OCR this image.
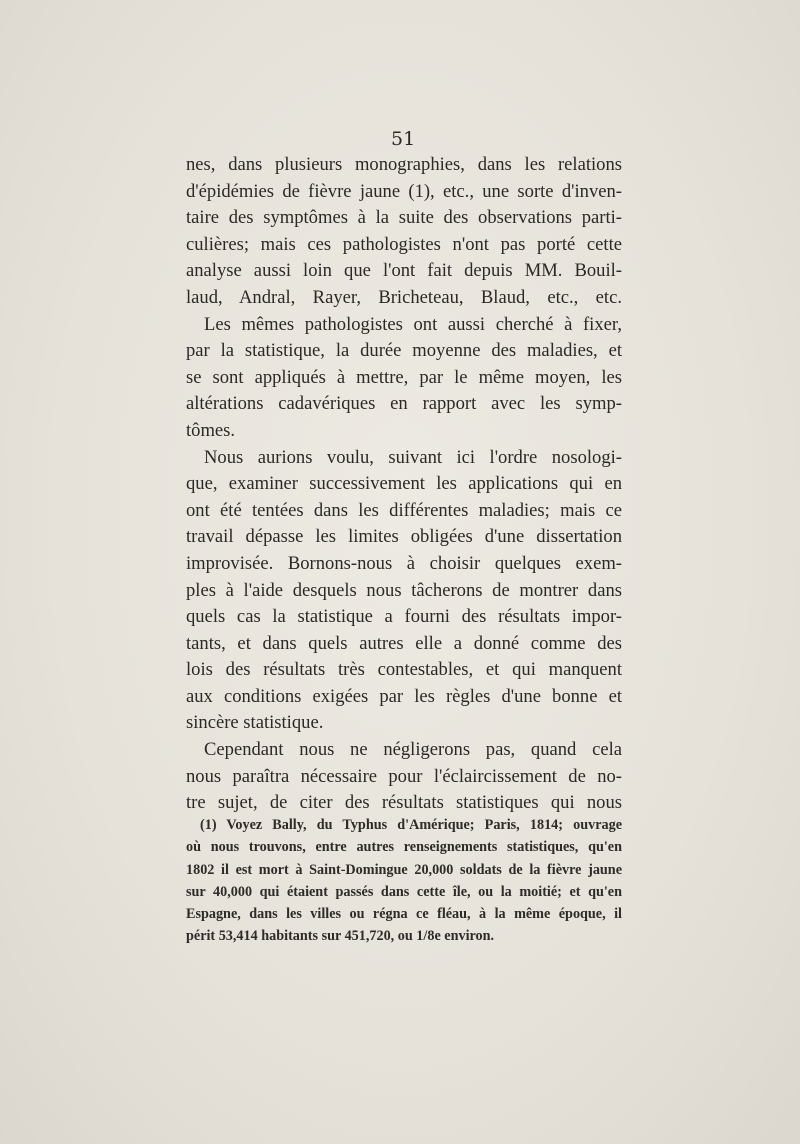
51

nes, dans plusieurs monographies, dans les relations
d'épidémies de fièvre jaune (1), etc., une sorte d'inven-
taire des symptômes à la suite des observations parti-
culières; mais ces pathologistes n'ont pas porté cette
analyse aussi loin que l'ont fait depuis MM. Bouil-
laud, Andral, Rayer, Bricheteau, Blaud, etc., etc.
Les mêmes pathologistes ont aussi cherché à fixer,
par la statistique, la durée moyenne des maladies, et
se sont appliqués à mettre, par le même moyen, les
altérations cadavériques en rapport avec les symp-
tômes.
Nous aurions voulu, suivant ici l'ordre nosologi-
que, examiner successivement les applications qui en
ont été tentées dans les différentes maladies; mais ce
travail dépasse les limites obligées d'une dissertation
improvisée. Bornons-nous à choisir quelques exem-
ples à l'aide desquels nous tâcherons de montrer dans
quels cas la statistique a fourni des résultats impor-
tants, et dans quels autres elle a donné comme des
lois des résultats très contestables, et qui manquent
aux conditions exigées par les règles d'une bonne et
sincère statistique.
Cependant nous ne négligerons pas, quand cela
nous paraîtra nécessaire pour l'éclaircissement de no-
tre sujet, de citer des résultats statistiques qui nous
(1) Voyez Bally, du Typhus d'Amérique; Paris, 1814; ouvrage
où nous trouvons, entre autres renseignements statistiques, qu'en
1802 il est mort à Saint-Domingue 20,000 soldats de la fièvre jaune
sur 40,000 qui étaient passés dans cette île, ou la moitié; et qu'en
Espagne, dans les villes ou régna ce fléau, à la même époque, il
périt 53,414 habitants sur 451,720, ou 1/8e environ.
